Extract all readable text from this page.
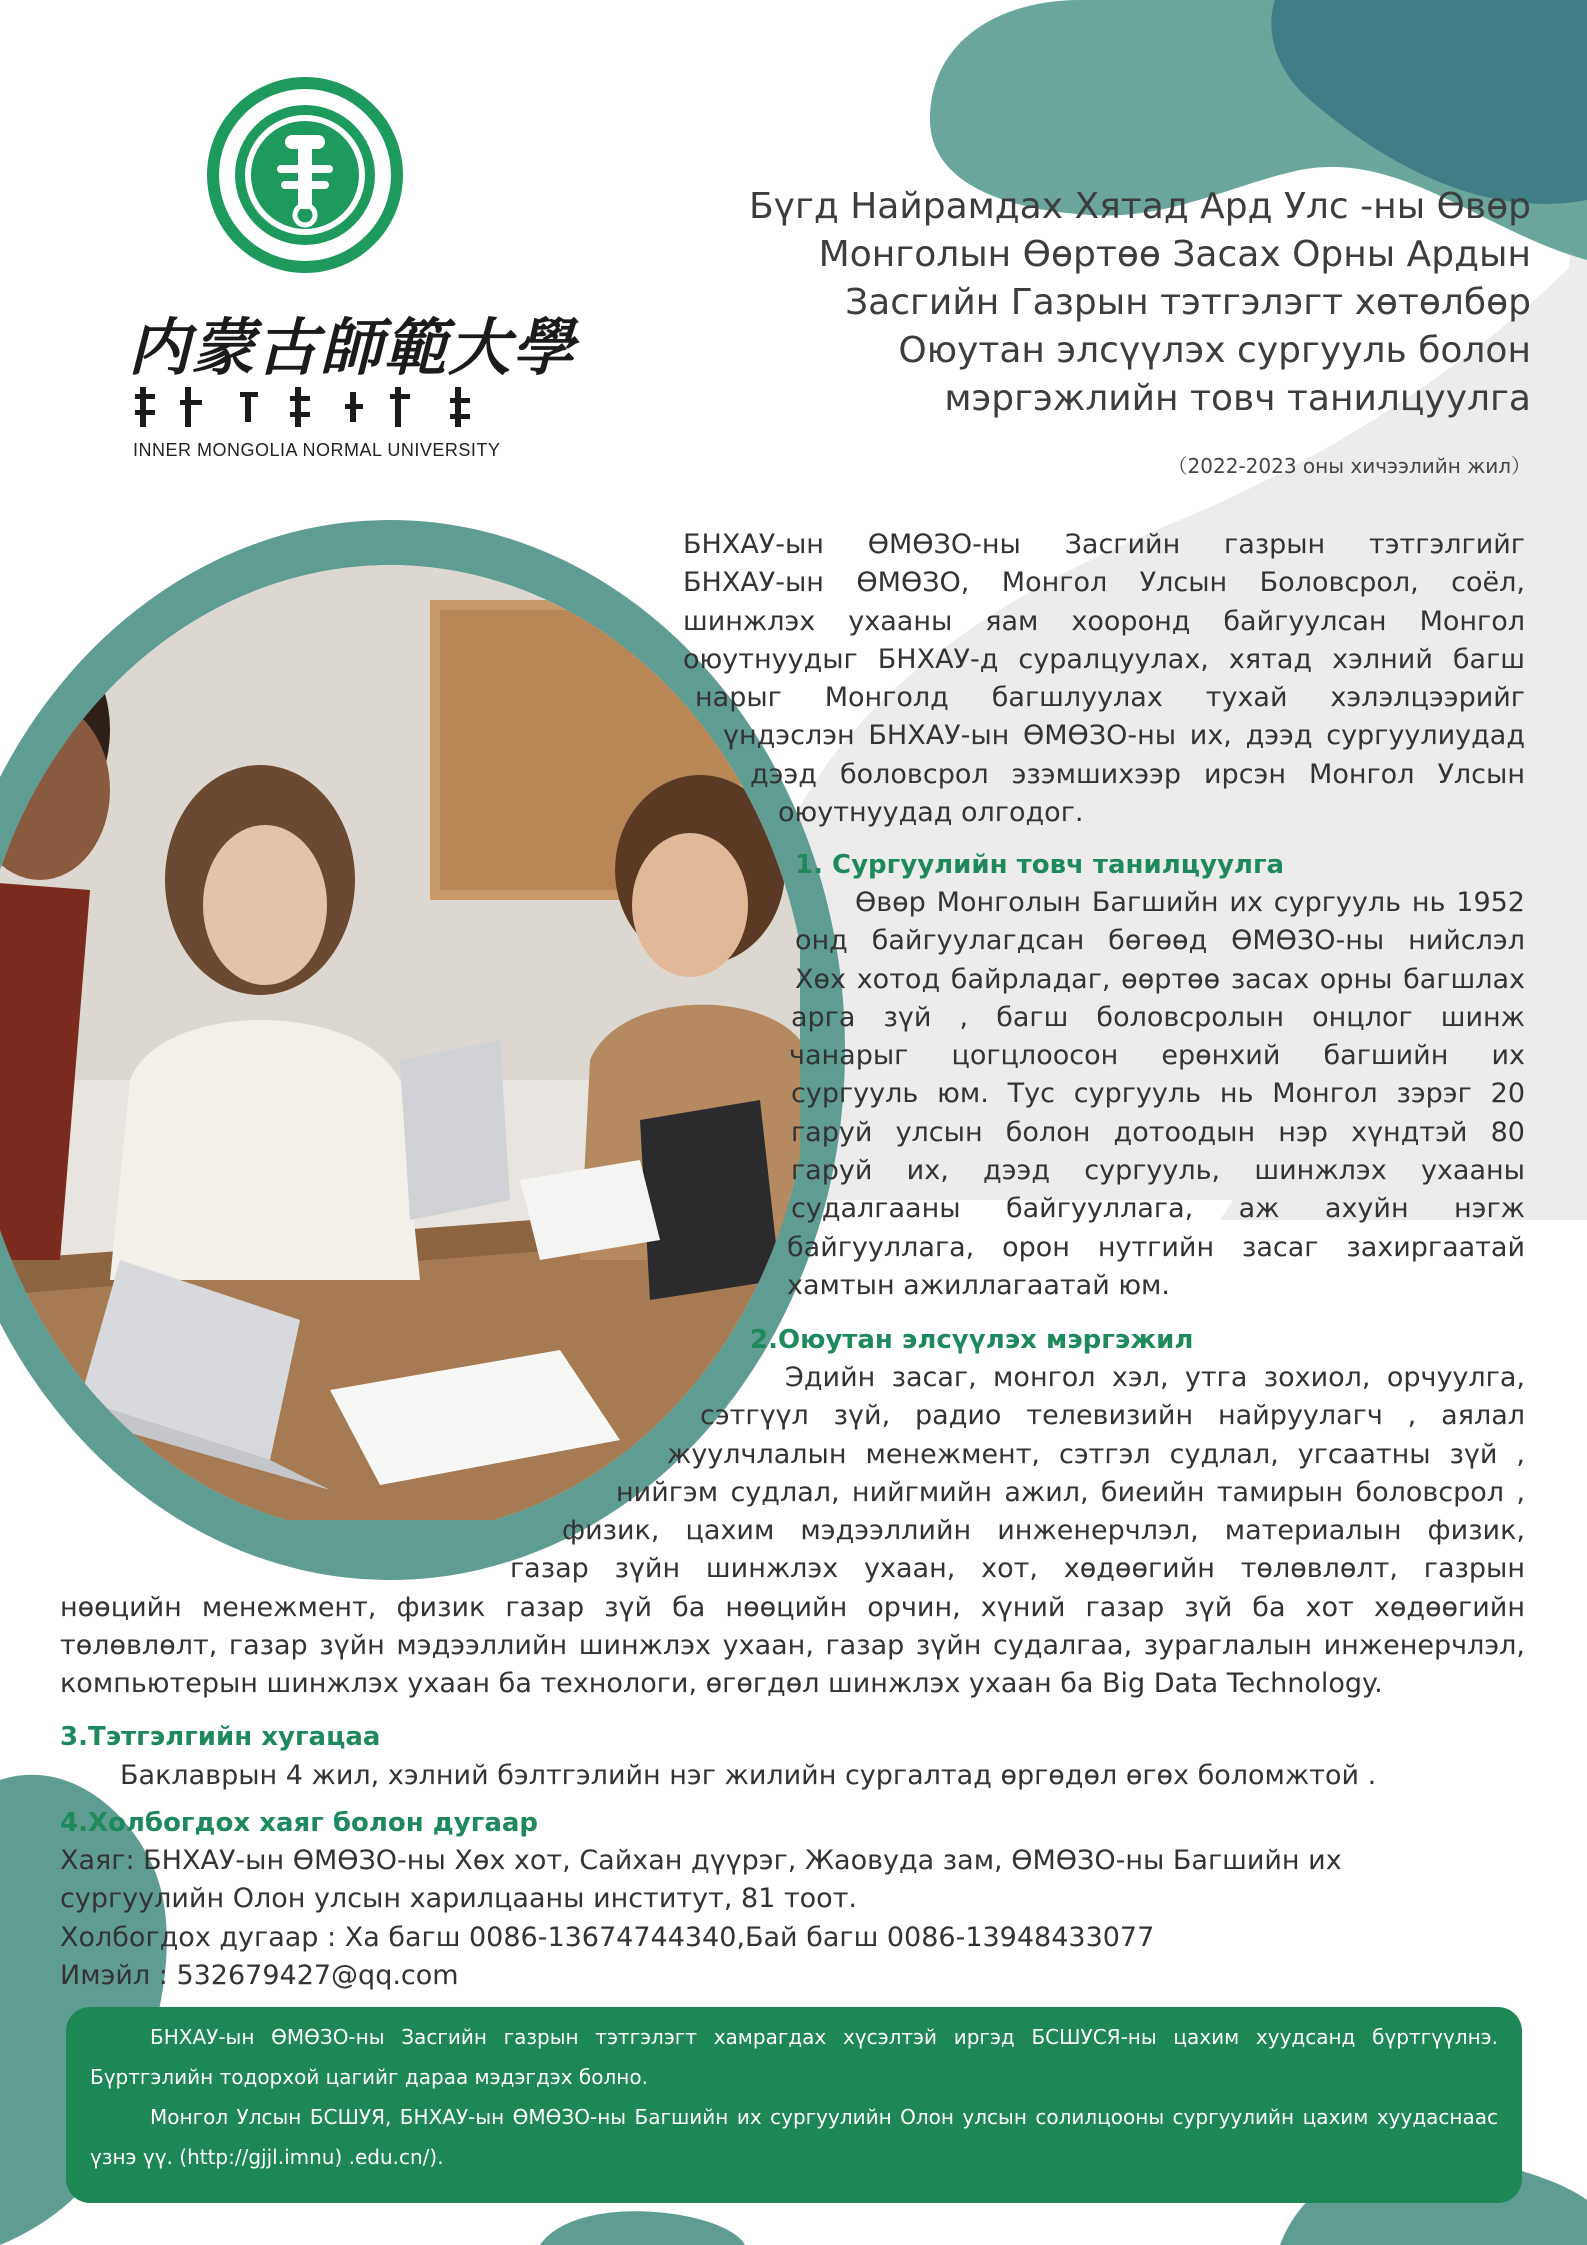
内蒙古師範大學
INNER MONGOLIA NORMAL UNIVERSITY
Бүгд Найрамдах Хятад Ард Улс -ны Өвөр
Монголын Өөртөө Засах Орны Ардын
Засгийн Газрын тэтгэлэгт хөтөлбөр
Оюутан элсүүлэх сургууль болон
мэргэжлийн товч танилцуулга
（2022-2023 оны хичээлийн жил）
БНХАУ-ын ӨМӨЗО-ны Засгийн газрын тэтгэлгийг
БНХАУ-ын ӨМӨЗО, Монгол Улсын Боловсрол, соёл,
шинжлэх ухааны яам хооронд байгуулсан Монгол
оюутнуудыг БНХАУ-д суралцуулах, хятад хэлний багш
нарыг Монголд багшлуулах тухай хэлэлцээрийг
үндэслэн БНХАУ-ын ӨМӨЗО-ны их, дээд сургуулиудад
дээд боловсрол эзэмшихээр ирсэн Монгол Улсын
оюутнуудад олгодог.
1. Сургуулийн товч танилцуулга
Өвөр Монголын Багшийн их сургууль нь 1952
онд байгуулагдсан бөгөөд ӨМӨЗО-ны нийслэл
Хөх хотод байрладаг, өөртөө засах орны багшлах
арга зүй , багш боловсролын онцлог шинж
чанарыг цогцлоосон ерөнхий багшийн их
сургууль юм. Тус сургууль нь Монгол зэрэг 20
гаруй улсын болон дотоодын нэр хүндтэй 80
гаруй их, дээд сургууль, шинжлэх ухааны
судалгааны байгууллага, аж ахуйн нэгж
байгууллага, орон нутгийн засаг захиргаатай
хамтын ажиллагаатай юм.
2.Оюутан элсүүлэх мэргэжил
Эдийн засаг, монгол хэл, утга зохиол, орчуулга,
сэтгүүл зүй, радио телевизийн найруулагч , аялал
жуулчлалын менежмент, сэтгэл судлал, угсаатны зүй ,
нийгэм судлал, нийгмийн ажил, биеийн тамирын боловсрол ,
физик, цахим мэдээллийн инженерчлэл, материалын физик,
газар зүйн шинжлэх ухаан, хот, хөдөөгийн төлөвлөлт, газрын
нөөцийн менежмент, физик газар зүй ба нөөцийн орчин, хүний газар зүй ба хот хөдөөгийн
төлөвлөлт, газар зүйн мэдээллийн шинжлэх ухаан, газар зүйн судалгаа, зураглалын инженерчлэл,
компьютерын шинжлэх ухаан ба технологи, өгөгдөл шинжлэх ухаан ба Big Data Technology.
3.Тэтгэлгийн хугацаа
Баклаврын 4 жил, хэлний бэлтгэлийн нэг жилийн сургалтад өргөдөл өгөх боломжтой .
4.Холбогдох хаяг болон дугаар
Хаяг: БНХАУ-ын ӨМӨЗО-ны Хөх хот, Сайхан дүүрэг, Жаовуда зам, ӨМӨЗО-ны Багшийн их
сургуулийн Олон улсын харилцааны институт, 81 тоот.
Холбогдох дугаар : Ха багш 0086-13674744340,Бай багш 0086-13948433077
Имэйл : 532679427@qq.com
БНХАУ-ын ӨМӨЗО-ны Засгийн газрын тэтгэлэгт хамрагдах хүсэлтэй иргэд БСШУСЯ-ны цахим хуудсанд бүртгүүлнэ.
Бүртгэлийн тодорхой цагийг дараа мэдэгдэх болно.
Монгол Улсын БСШУЯ, БНХАУ-ын ӨМӨЗО-ны Багшийн их сургуулийн Олон улсын солилцооны сургуулийн цахим хуудаснаас
үзнэ үү. (http://gjjl.imnu) .edu.cn/).
